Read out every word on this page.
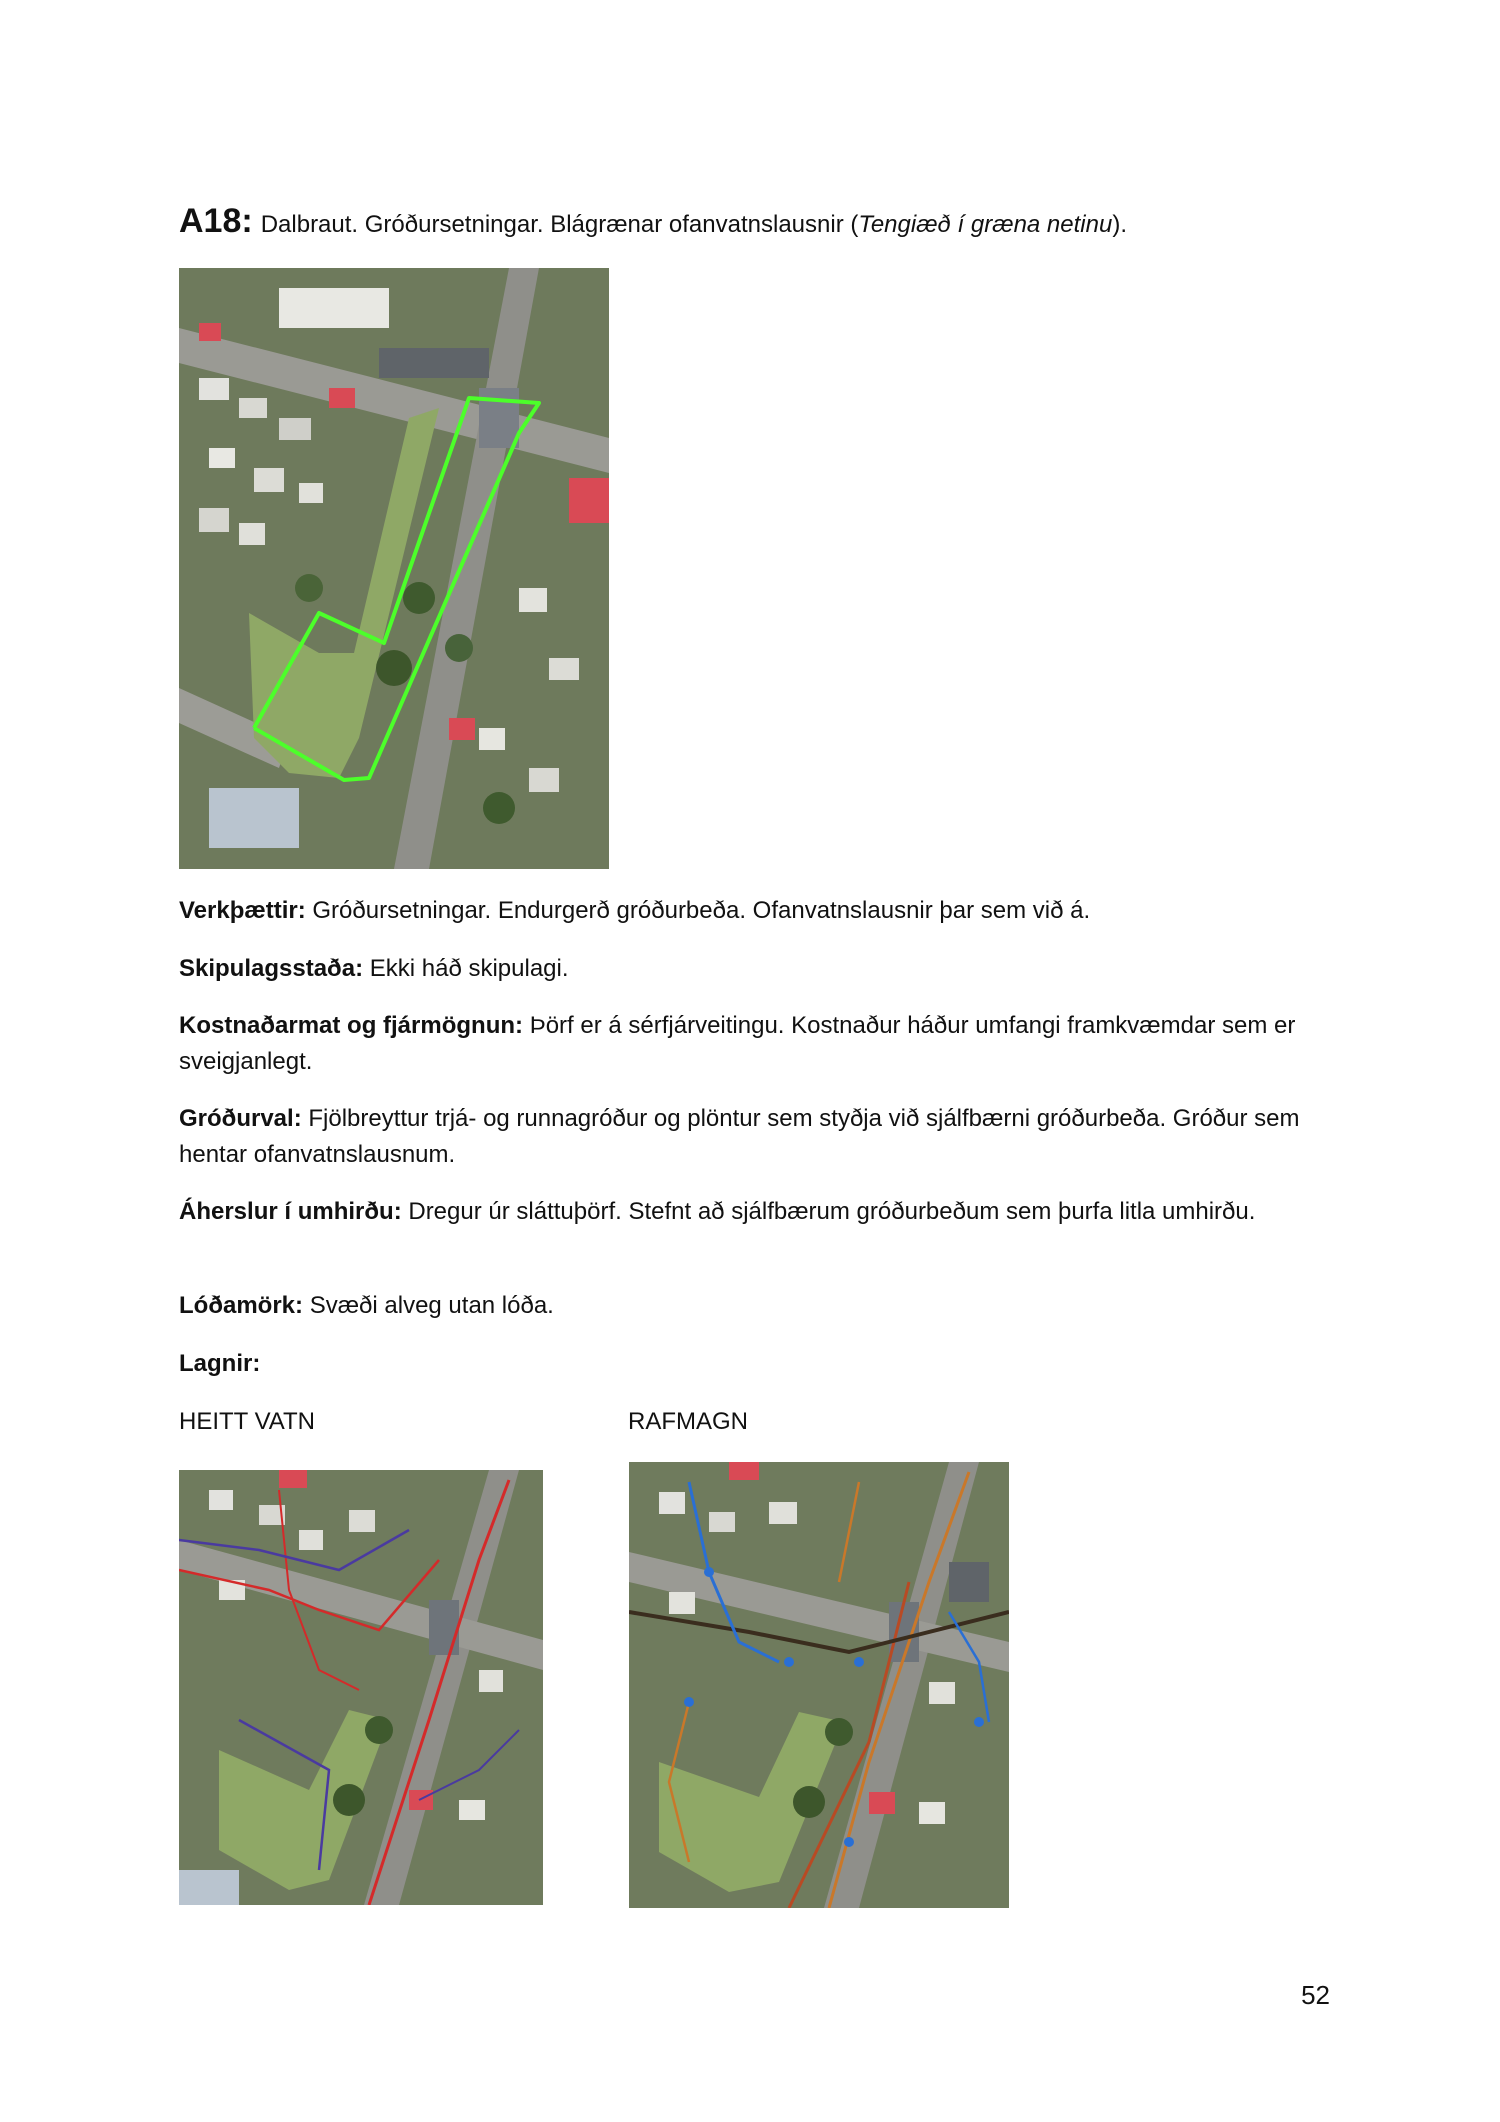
A18: Dalbraut. Gróðursetningar. Blágrænar ofanvatnslausnir (Tengiæð í græna netinu).
Verkþættir: Gróðursetningar. Endurgerð gróðurbeða. Ofanvatnslausnir þar sem við á.
Skipulagsstaða: Ekki háð skipulagi.
Kostnaðarmat og fjármögnun: Þörf er á sérfjárveitingu. Kostnaður háður umfangi framkvæmdar sem er sveigjanlegt.
Gróðurval: Fjölbreyttur trjá- og runnagróður og plöntur sem styðja við sjálfbærni gróðurbeða. Gróður sem hentar ofanvatnslausnum.
Áherslur í umhirðu: Dregur úr sláttuþörf. Stefnt að sjálfbærum gróðurbeðum sem þurfa litla umhirðu.
Lóðamörk: Svæði alveg utan lóða.
Lagnir:
HEITT VATN	RAFMAGN
52
